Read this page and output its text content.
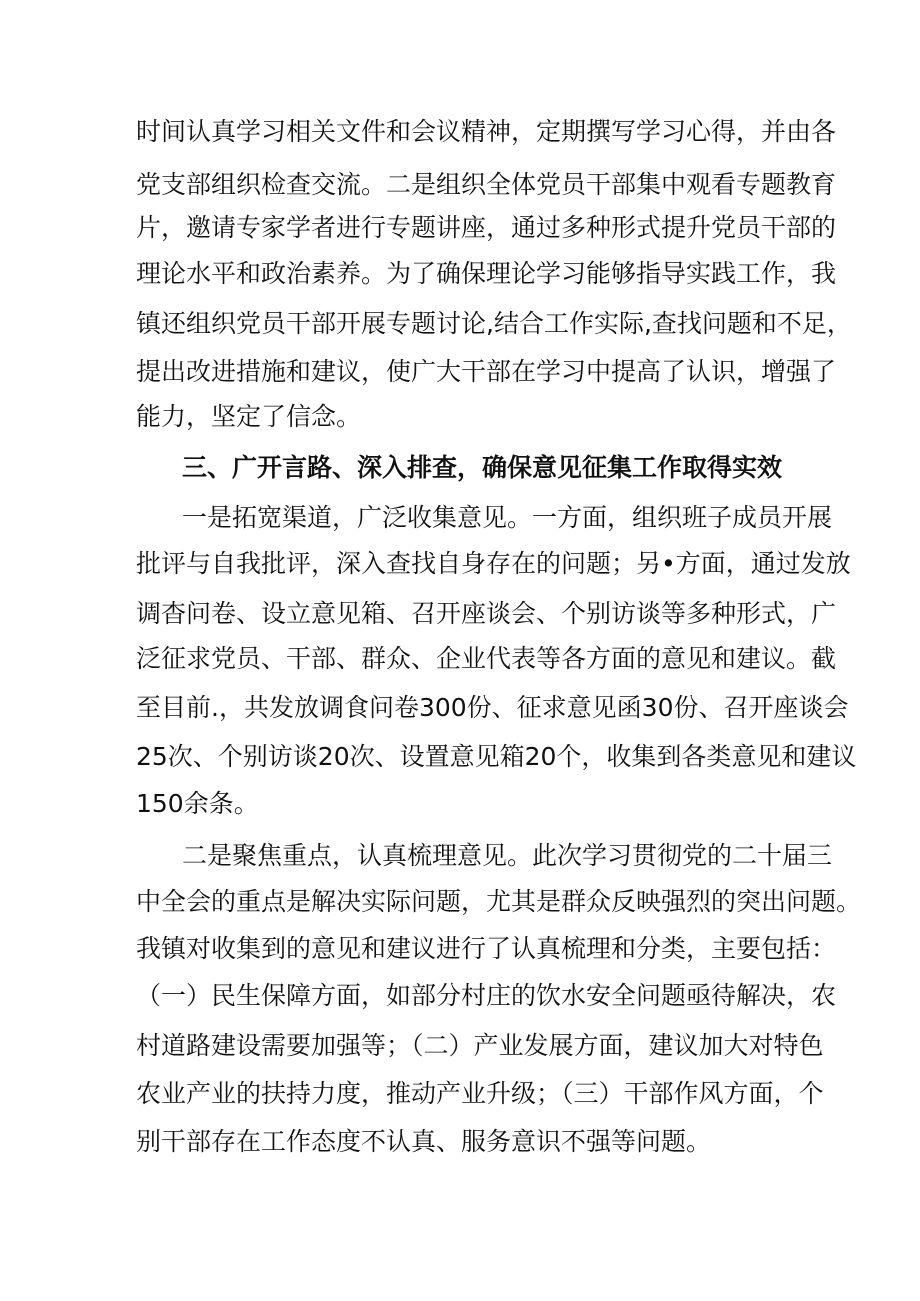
时间认真学习相关文件和会议精神，定期撰写学习心得，并由各
党支部组织检查交流。二是组织全体党员干部集中观看专题教育
片，邀请专家学者进行专题讲座，通过多种形式提升党员干部的
理论水平和政治素养。为了确保理论学习能够指导实践工作，我
镇还组织党员干部开展专题讨论,结合工作实际,查找问题和不足，
提出改进措施和建议，使广大干部在学习中提高了认识，增强了
能力，坚定了信念。
三、广开言路、深入排查，确保意见征集工作取得实效
一是拓宽渠道，广泛收集意见。一方面，组织班子成员开展
批评与自我批评，深入查找自身存在的问题；另•方面，通过发放
调杳问卷、设立意见箱、召开座谈会、个别访谈等多种形式，广
泛征求党员、干部、群众、企业代表等各方面的意见和建议。截
至目前.，共发放调食问卷300份、征求意见函30份、召开座谈会
25次、个别访谈20次、设置意见箱20个，收集到各类意见和建议
150余条。
二是聚焦重点，认真梳理意见。此次学习贯彻党的二十届三
中全会的重点是解决实际问题，尤其是群众反映强烈的突出问题。
我镇对收集到的意见和建议进行了认真梳理和分类，主要包括：
（一）民生保障方面，如部分村庄的饮水安全问题亟待解决，农
村道路建设需要加强等；（二）产业发展方面，建议加大对特色
农业产业的扶持力度，推动产业升级；（三）干部作风方面，个
别干部存在工作态度不认真、服务意识不强等问题。
